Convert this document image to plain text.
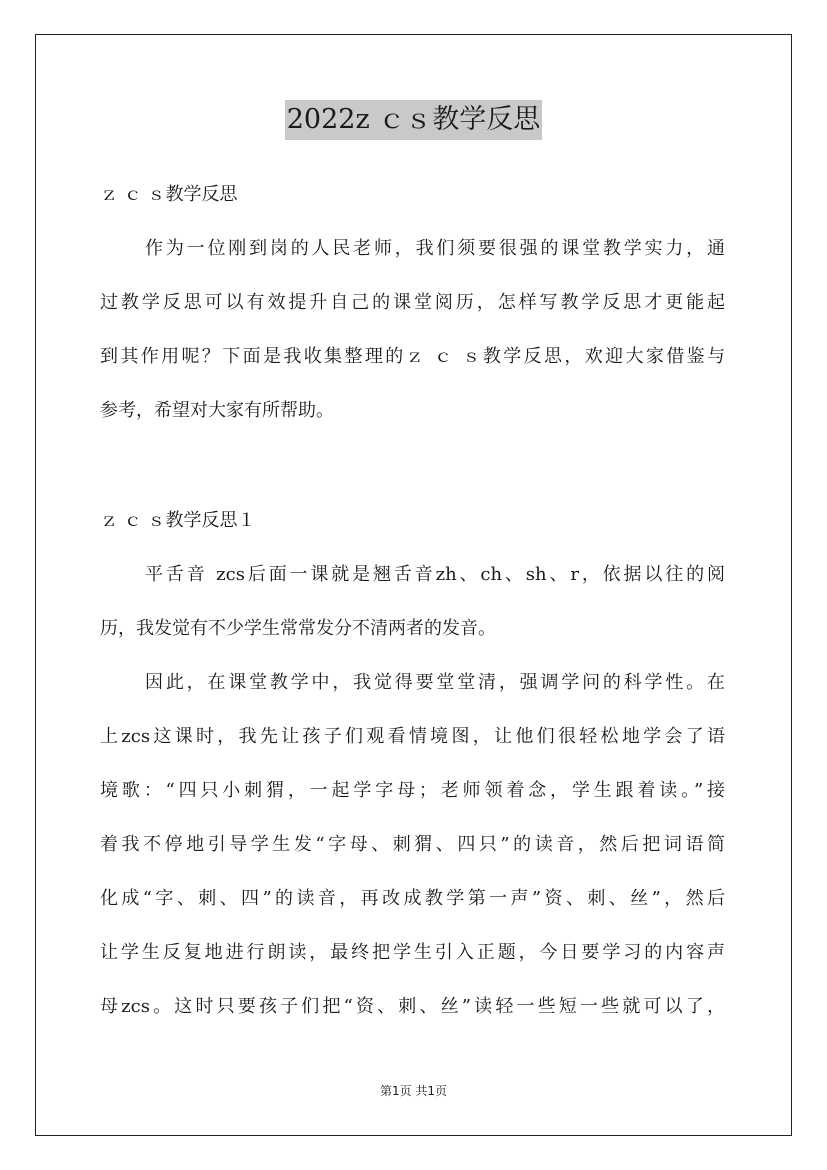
2022z ｃｓ教学反思
ｚ ｃ ｓ教学反思
作为一位刚到岗的人民老师，我们须要很强的课堂教学实力，通
过教学反思可以有效提升自己的课堂阅历，怎样写教学反思才更能起
到其作用呢？下面是我收集整理的ｚ ｃ ｓ教学反思，欢迎大家借鉴与
参考，希望对大家有所帮助。
ｚ ｃ ｓ教学反思１
平舌音 zcs后面一课就是翘舌音zh、ch、sh、r，依据以往的阅
历，我发觉有不少学生常常发分不清两者的发音。
因此，在课堂教学中，我觉得要堂堂清，强调学问的科学性。在
上zcs这课时，我先让孩子们观看情境图，让他们很轻松地学会了语
境歌：“四只小刺猬，一起学字母；老师领着念，学生跟着读。”接
着我不停地引导学生发“字母、刺猬、四只”的读音，然后把词语简
化成“字、刺、四”的读音，再改成教学第一声”资、刺、丝”，然后
让学生反复地进行朗读，最终把学生引入正题，今日要学习的内容声
母zcs。这时只要孩子们把“资、刺、丝”读轻一些短一些就可以了，
第1页 共1页
